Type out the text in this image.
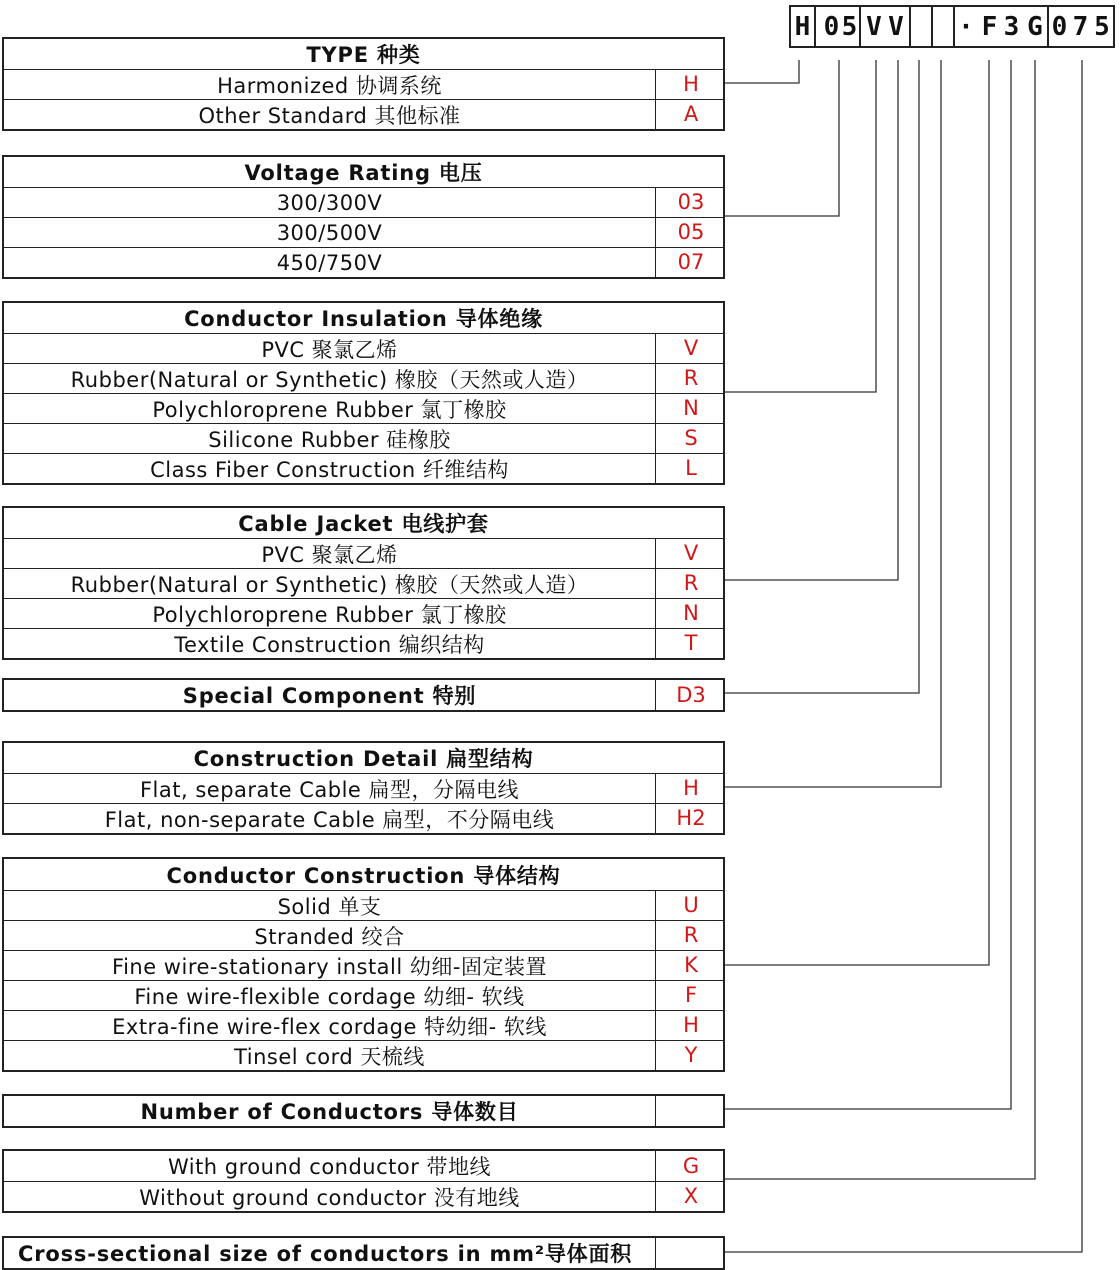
H 0 5 V V · F 3 G 0 7 5
TYPE 种类
Harmonized 协调系统	H
Other Standard 其他标准	A
Voltage Rating 电压
300/300V	03
300/500V	05
450/750V	07
Conductor Insulation 导体绝缘
PVC 聚氯乙烯	V
Rubber(Natural or Synthetic) 橡胶（天然或人造）	R
Polychloroprene Rubber 氯丁橡胶	N
Silicone Rubber 硅橡胶	S
Class Fiber Construction 纤维结构	L
Cable Jacket 电线护套
PVC 聚氯乙烯	V
Rubber(Natural or Synthetic) 橡胶（天然或人造）	R
Polychloroprene Rubber 氯丁橡胶	N
Textile Construction 编织结构	T
Special Component 特别	D3
Construction Detail 扁型结构
Flat, separate Cable 扁型，分隔电线	H
Flat, non-separate Cable 扁型，不分隔电线	H2
Conductor Construction 导体结构
Solid 单支	U
Stranded 绞合	R
Fine wire-stationary install 幼细-固定装置	K
Fine wire-flexible cordage 幼细- 软线	F
Extra-fine wire-flex cordage 特幼细- 软线	H
Tinsel cord 天梳线	Y
Number of Conductors 导体数目
With ground conductor 带地线	G
Without ground conductor 没有地线	X
Cross-sectional size of conductors in mm²导体面积
